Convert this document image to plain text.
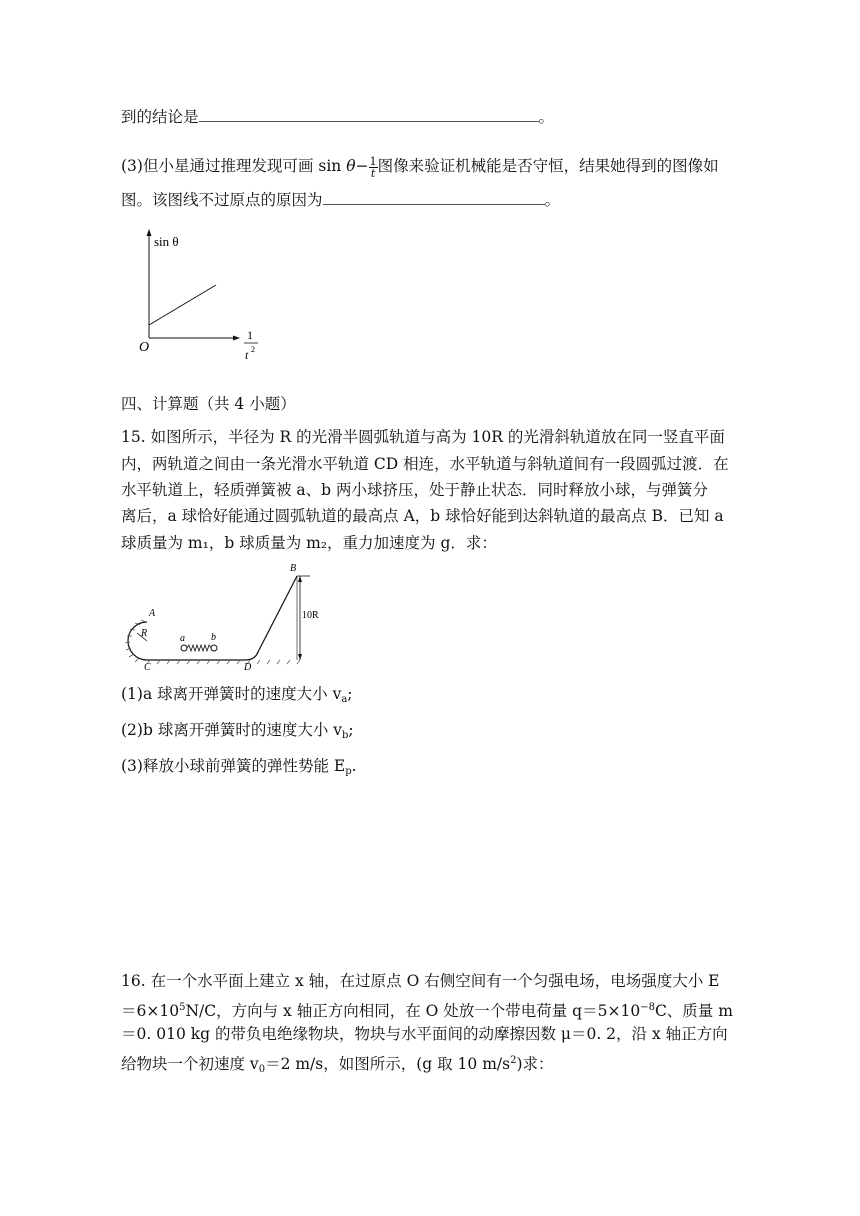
到的结论是	。
(3)但小星通过推理发现可画 $\sin \theta- \frac{1}{t}$ 图像来验证机械能是否守恒，结果她得到的图像如
图。该图线不过原点的原因为	。
sin θ
O
1
t 2
四、计算题（共 4 小题）
15. 如图所示，半径为 R 的光滑半圆弧轨道与高为 10R 的光滑斜轨道放在同一竖直平面
内，两轨道之间由一条光滑水平轨道 CD 相连，水平轨道与斜轨道间有一段圆弧过渡．在
水平轨道上，轻质弹簧被 a、b 两小球挤压，处于静止状态．同时释放小球，与弹簧分
离后，a 球恰好能通过圆弧轨道的最高点 A，b 球恰好能到达斜轨道的最高点 B．已知 a
球质量为 m₁，b 球质量为 m₂，重力加速度为 g．求：
R
A
a	b
C	D
B
10R
(1)a 球离开弹簧时的速度大小 $v_a$;
(2)b 球离开弹簧时的速度大小 $v_b$;
(3)释放小球前弹簧的弹性势能 $E_p$.
16. 在一个水平面上建立 x 轴，在过原点 O 右侧空间有一个匀强电场，电场强度大小 E
$=6\times 10^5N/C$，方向与 x 轴正方向相同，在 O 处放一个带电荷量 $q=5\times 10^{-8}C$、质量 m
＝0. 010 kg 的带负电绝缘物块，物块与水平面间的动摩擦因数 μ＝0. 2，沿 x 轴正方向
给物块一个初速度 $v_0=2$ m/s，如图所示，(g 取 10 $m/s^2$)求：
